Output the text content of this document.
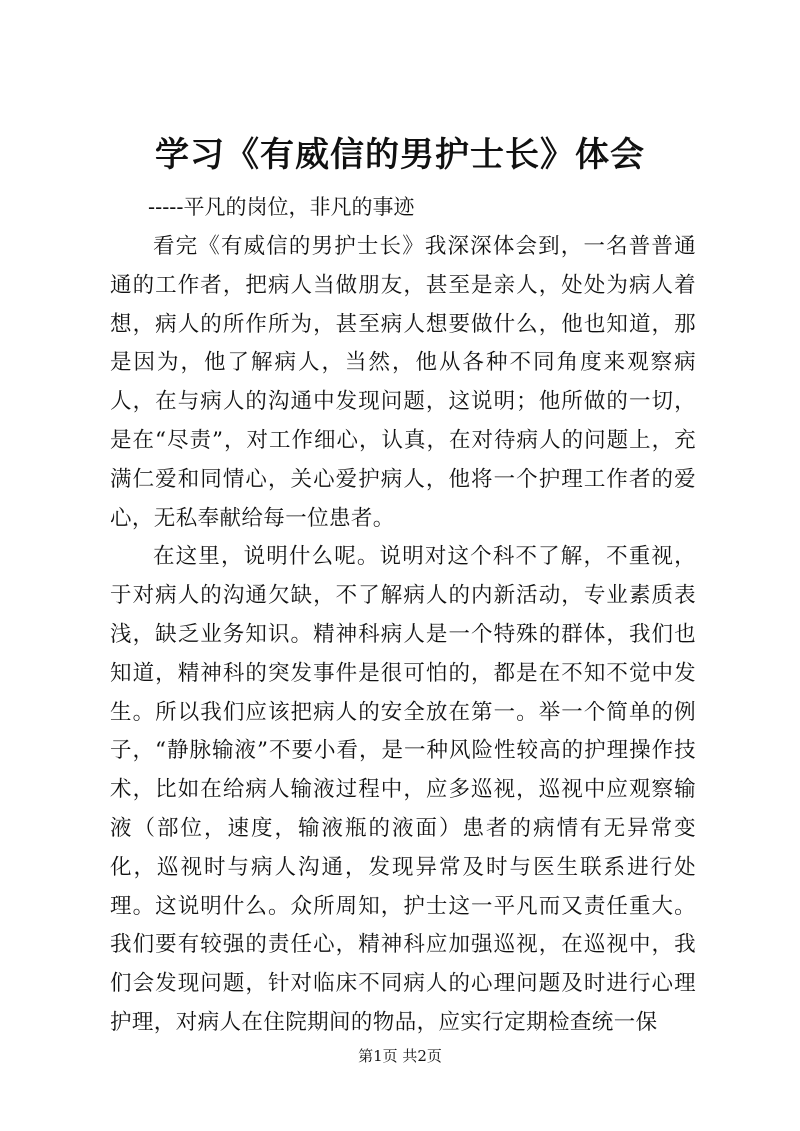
学习《有威信的男护士长》体会

-----平凡的岗位，非凡的事迹

看完《有威信的男护士长》我深深体会到，一名普普通通的工作者，把病人当做朋友，甚至是亲人，处处为病人着想，病人的所作所为，甚至病人想要做什么，他也知道，那是因为，他了解病人，当然，他从各种不同角度来观察病人，在与病人的沟通中发现问题，这说明；他所做的一切，是在“尽责”，对工作细心，认真，在对待病人的问题上，充满仁爱和同情心，关心爱护病人，他将一个护理工作者的爱心，无私奉献给每一位患者。

在这里，说明什么呢。说明对这个科不了解，不重视，于对病人的沟通欠缺，不了解病人的内新活动，专业素质表浅，缺乏业务知识。精神科病人是一个特殊的群体，我们也知道，精神科的突发事件是很可怕的，都是在不知不觉中发生。所以我们应该把病人的安全放在第一。举一个简单的例子，“静脉输液”不要小看，是一种风险性较高的护理操作技术，比如在给病人输液过程中，应多巡视，巡视中应观察输液（部位，速度，输液瓶的液面）患者的病情有无异常变化，巡视时与病人沟通，发现异常及时与医生联系进行处理。这说明什么。众所周知，护士这一平凡而又责任重大。我们要有较强的责任心，精神科应加强巡视，在巡视中，我们会发现问题，针对临床不同病人的心理问题及时进行心理护理，对病人在住院期间的物品，应实行定期检查统一保

第1页 共2页
